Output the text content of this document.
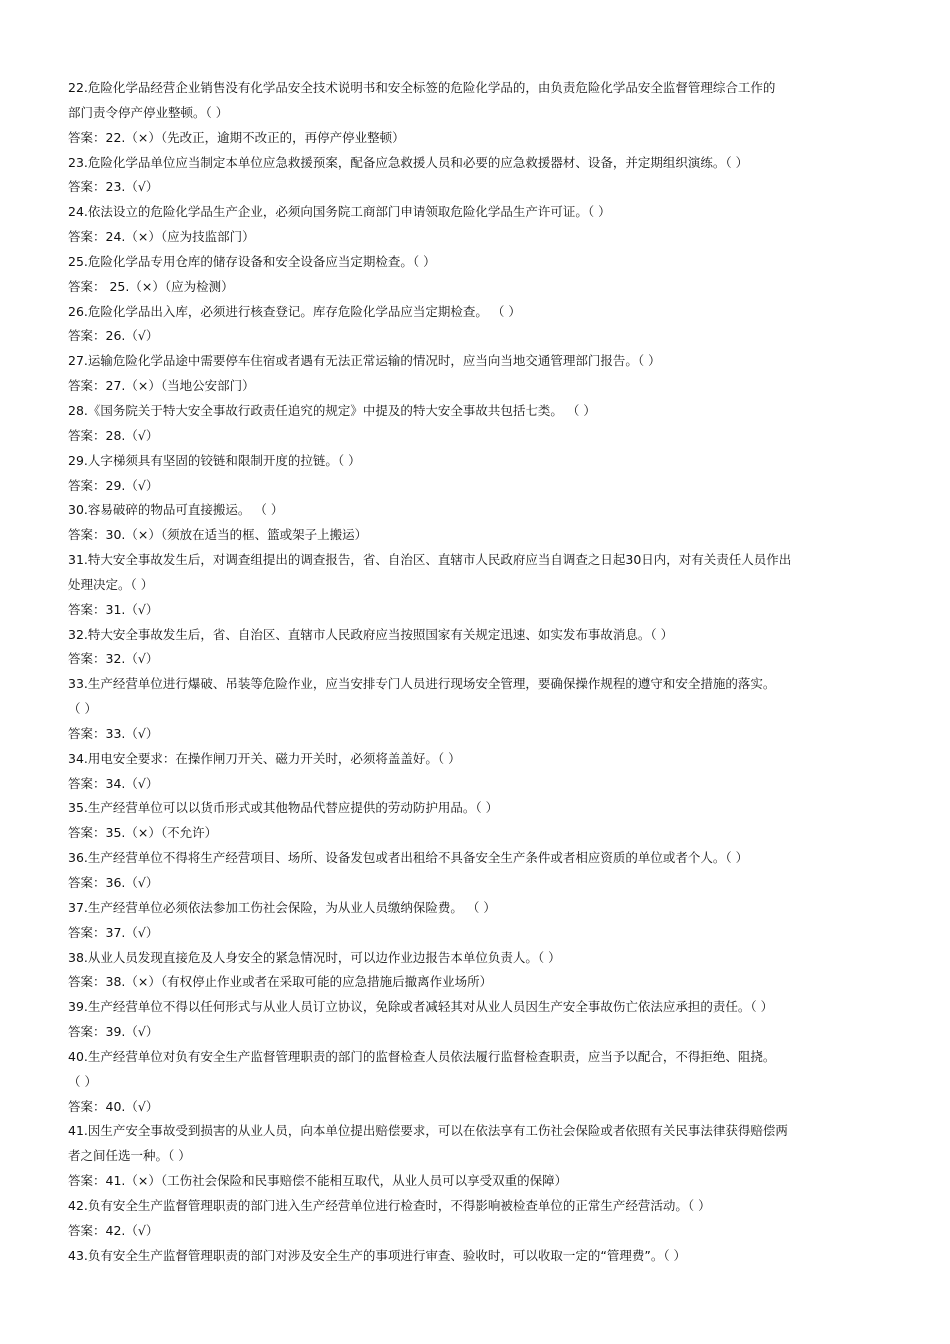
22.危险化学品经营企业销售没有化学品安全技术说明书和安全标签的危险化学品的，由负责危险化学品安全监督管理综合工作的
部门责令停产停业整顿。（ ）
答案：22.（×）（先改正，逾期不改正的，再停产停业整顿）
23.危险化学品单位应当制定本单位应急救援预案，配备应急救援人员和必要的应急救援器材、设备，并定期组织演练。（ ）
答案：23.（√）
24.依法设立的危险化学品生产企业，必须向国务院工商部门申请领取危险化学品生产许可证。（ ）
答案：24.（×）（应为技监部门）
25.危险化学品专用仓库的储存设备和安全设备应当定期检查。（ ）
答案： 25.（×）（应为检测）
26.危险化学品出入库，必须进行核查登记。库存危险化学品应当定期检查。 （ ）
答案：26.（√）
27.运输危险化学品途中需要停车住宿或者遇有无法正常运输的情况时，应当向当地交通管理部门报告。（ ）
答案：27.（×）（当地公安部门）
28.《国务院关于特大安全事故行政责任追究的规定》中提及的特大安全事故共包括七类。 （ ）
答案：28.（√）
29.人字梯须具有坚固的铰链和限制开度的拉链。（ ）
答案：29.（√）
30.容易破碎的物品可直接搬运。 （ ）
答案：30.（×）（须放在适当的框、篮或架子上搬运）
31.特大安全事故发生后，对调查组提出的调查报告，省、自治区、直辖市人民政府应当自调查之日起30日内，对有关责任人员作出
处理决定。（ ）
答案：31.（√）
32.特大安全事故发生后，省、自治区、直辖市人民政府应当按照国家有关规定迅速、如实发布事故消息。（ ）
答案：32.（√）
33.生产经营单位进行爆破、吊装等危险作业，应当安排专门人员进行现场安全管理，要确保操作规程的遵守和安全措施的落实。
（ ）
答案：33.（√）
34.用电安全要求：在操作闸刀开关、磁力开关时，必须将盖盖好。（ ）
答案：34.（√）
35.生产经营单位可以以货币形式或其他物品代替应提供的劳动防护用品。（ ）
答案：35.（×）（不允许）
36.生产经营单位不得将生产经营项目、场所、设备发包或者出租给不具备安全生产条件或者相应资质的单位或者个人。（ ）
答案：36.（√）
37.生产经营单位必须依法参加工伤社会保险，为从业人员缴纳保险费。 （ ）
答案：37.（√）
38.从业人员发现直接危及人身安全的紧急情况时，可以边作业边报告本单位负责人。（ ）
答案：38.（×）（有权停止作业或者在采取可能的应急措施后撤离作业场所）
39.生产经营单位不得以任何形式与从业人员订立协议，免除或者减轻其对从业人员因生产安全事故伤亡依法应承担的责任。（ ）
答案：39.（√）
40.生产经营单位对负有安全生产监督管理职责的部门的监督检查人员依法履行监督检查职责，应当予以配合，不得拒绝、阻挠。
（ ）
答案：40.（√）
41.因生产安全事故受到损害的从业人员，向本单位提出赔偿要求，可以在依法享有工伤社会保险或者依照有关民事法律获得赔偿两
者之间任选一种。（ ）
答案：41.（×）（工伤社会保险和民事赔偿不能相互取代，从业人员可以享受双重的保障）
42.负有安全生产监督管理职责的部门进入生产经营单位进行检查时，不得影响被检查单位的正常生产经营活动。（ ）
答案：42.（√）
43.负有安全生产监督管理职责的部门对涉及安全生产的事项进行审查、验收时，可以收取一定的“管理费”。（ ）
